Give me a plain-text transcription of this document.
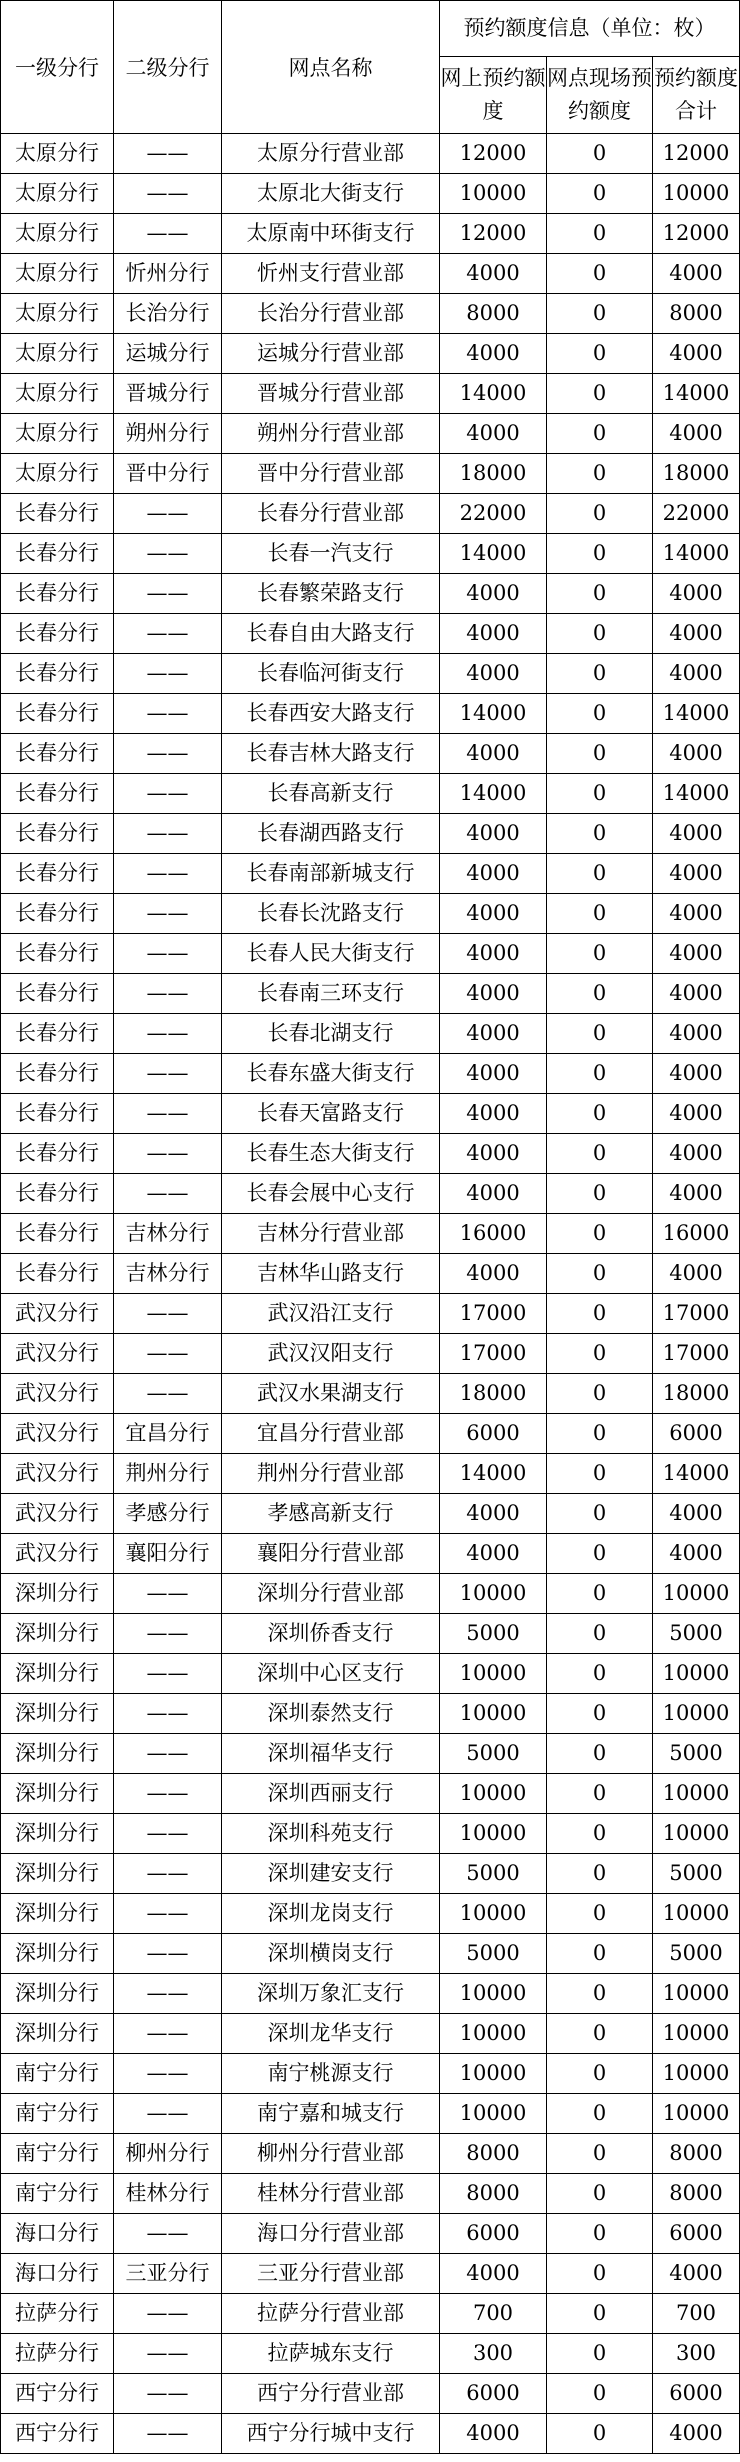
一级分行	二级分行	网点名称	预约额度信息（单位：枚）		
			网上预约额度	网点现场预约额度	预约额度合计
太原分行	——	太原分行营业部	12000	0	12000
太原分行	——	太原北大街支行	10000	0	10000
太原分行	——	太原南中环街支行	12000	0	12000
太原分行	忻州分行	忻州支行营业部	4000	0	4000
太原分行	长治分行	长治分行营业部	8000	0	8000
太原分行	运城分行	运城分行营业部	4000	0	4000
太原分行	晋城分行	晋城分行营业部	14000	0	14000
太原分行	朔州分行	朔州分行营业部	4000	0	4000
太原分行	晋中分行	晋中分行营业部	18000	0	18000
长春分行	——	长春分行营业部	22000	0	22000
长春分行	——	长春一汽支行	14000	0	14000
长春分行	——	长春繁荣路支行	4000	0	4000
长春分行	——	长春自由大路支行	4000	0	4000
长春分行	——	长春临河街支行	4000	0	4000
长春分行	——	长春西安大路支行	14000	0	14000
长春分行	——	长春吉林大路支行	4000	0	4000
长春分行	——	长春高新支行	14000	0	14000
长春分行	——	长春湖西路支行	4000	0	4000
长春分行	——	长春南部新城支行	4000	0	4000
长春分行	——	长春长沈路支行	4000	0	4000
长春分行	——	长春人民大街支行	4000	0	4000
长春分行	——	长春南三环支行	4000	0	4000
长春分行	——	长春北湖支行	4000	0	4000
长春分行	——	长春东盛大街支行	4000	0	4000
长春分行	——	长春天富路支行	4000	0	4000
长春分行	——	长春生态大街支行	4000	0	4000
长春分行	——	长春会展中心支行	4000	0	4000
长春分行	吉林分行	吉林分行营业部	16000	0	16000
长春分行	吉林分行	吉林华山路支行	4000	0	4000
武汉分行	——	武汉沿江支行	17000	0	17000
武汉分行	——	武汉汉阳支行	17000	0	17000
武汉分行	——	武汉水果湖支行	18000	0	18000
武汉分行	宜昌分行	宜昌分行营业部	6000	0	6000
武汉分行	荆州分行	荆州分行营业部	14000	0	14000
武汉分行	孝感分行	孝感高新支行	4000	0	4000
武汉分行	襄阳分行	襄阳分行营业部	4000	0	4000
深圳分行	——	深圳分行营业部	10000	0	10000
深圳分行	——	深圳侨香支行	5000	0	5000
深圳分行	——	深圳中心区支行	10000	0	10000
深圳分行	——	深圳泰然支行	10000	0	10000
深圳分行	——	深圳福华支行	5000	0	5000
深圳分行	——	深圳西丽支行	10000	0	10000
深圳分行	——	深圳科苑支行	10000	0	10000
深圳分行	——	深圳建安支行	5000	0	5000
深圳分行	——	深圳龙岗支行	10000	0	10000
深圳分行	——	深圳横岗支行	5000	0	5000
深圳分行	——	深圳万象汇支行	10000	0	10000
深圳分行	——	深圳龙华支行	10000	0	10000
南宁分行	——	南宁桃源支行	10000	0	10000
南宁分行	——	南宁嘉和城支行	10000	0	10000
南宁分行	柳州分行	柳州分行营业部	8000	0	8000
南宁分行	桂林分行	桂林分行营业部	8000	0	8000
海口分行	——	海口分行营业部	6000	0	6000
海口分行	三亚分行	三亚分行营业部	4000	0	4000
拉萨分行	——	拉萨分行营业部	700	0	700
拉萨分行	——	拉萨城东支行	300	0	300
西宁分行	——	西宁分行营业部	6000	0	6000
西宁分行	——	西宁分行城中支行	4000	0	4000
